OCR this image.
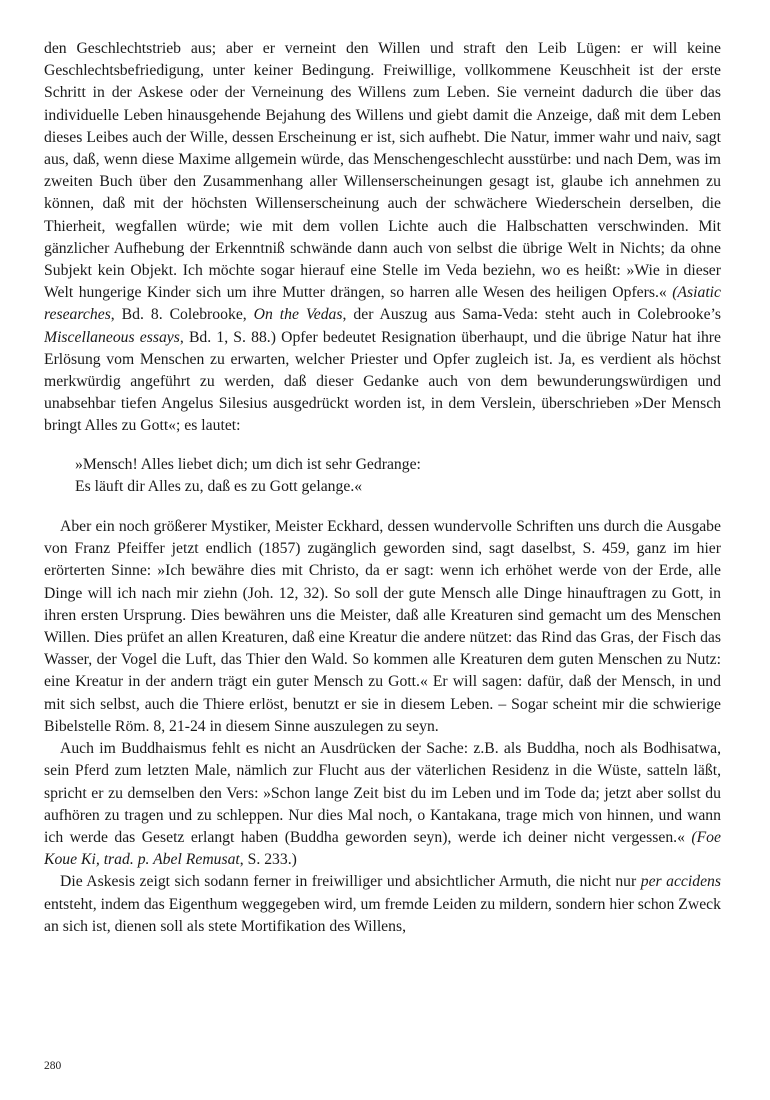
den Geschlechtstrieb aus; aber er verneint den Willen und straft den Leib Lügen: er will keine Geschlechtsbefriedigung, unter keiner Bedingung. Freiwillige, vollkommene Keuschheit ist der erste Schritt in der Askese oder der Verneinung des Willens zum Leben. Sie verneint dadurch die über das individuelle Leben hinausgehende Bejahung des Willens und giebt damit die Anzeige, daß mit dem Leben dieses Leibes auch der Wille, dessen Erscheinung er ist, sich aufhebt. Die Natur, immer wahr und naiv, sagt aus, daß, wenn diese Maxime allgemein würde, das Menschengeschlecht ausstürbe: und nach Dem, was im zweiten Buch über den Zusammenhang aller Willenserscheinungen gesagt ist, glaube ich annehmen zu können, daß mit der höchsten Willenserscheinung auch der schwächere Wiederschein derselben, die Thierheit, wegfallen würde; wie mit dem vollen Lichte auch die Halbschatten verschwinden. Mit gänzlicher Aufhebung der Erkenntniß schwände dann auch von selbst die übrige Welt in Nichts; da ohne Subjekt kein Objekt. Ich möchte sogar hierauf eine Stelle im Veda beziehn, wo es heißt: »Wie in dieser Welt hungerige Kinder sich um ihre Mutter drängen, so harren alle Wesen des heiligen Opfers.« (Asiatic researches, Bd. 8. Colebrooke, On the Vedas, der Auszug aus Sama-Veda: steht auch in Colebrooke’s Miscellaneous essays, Bd. 1, S. 88.) Opfer bedeutet Resignation überhaupt, und die übrige Natur hat ihre Erlösung vom Menschen zu erwarten, welcher Priester und Opfer zugleich ist. Ja, es verdient als höchst merkwürdig angeführt zu werden, daß dieser Gedanke auch von dem bewunderungswürdigen und unabsehbar tiefen Angelus Silesius ausgedrückt worden ist, in dem Verslein, überschrieben »Der Mensch bringt Alles zu Gott«; es lautet:

»Mensch! Alles liebet dich; um dich ist sehr Gedrange:
Es läuft dir Alles zu, daß es zu Gott gelange.«

Aber ein noch größerer Mystiker, Meister Eckhard, dessen wundervolle Schriften uns durch die Ausgabe von Franz Pfeiffer jetzt endlich (1857) zugänglich geworden sind, sagt daselbst, S. 459, ganz im hier erörterten Sinne: »Ich bewähre dies mit Christo, da er sagt: wenn ich erhöhet werde von der Erde, alle Dinge will ich nach mir ziehn (Joh. 12, 32). So soll der gute Mensch alle Dinge hinauftragen zu Gott, in ihren ersten Ursprung. Dies bewähren uns die Meister, daß alle Kreaturen sind gemacht um des Menschen Willen. Dies prüfet an allen Kreaturen, daß eine Kreatur die andere nützet: das Rind das Gras, der Fisch das Wasser, der Vogel die Luft, das Thier den Wald. So kommen alle Kreaturen dem guten Menschen zu Nutz: eine Kreatur in der andern trägt ein guter Mensch zu Gott.« Er will sagen: dafür, daß der Mensch, in und mit sich selbst, auch die Thiere erlöst, benutzt er sie in diesem Leben. – Sogar scheint mir die schwierige Bibelstelle Röm. 8, 21-24 in diesem Sinne auszulegen zu seyn.

Auch im Buddhaismus fehlt es nicht an Ausdrücken der Sache: z.B. als Buddha, noch als Bodhisatwa, sein Pferd zum letzten Male, nämlich zur Flucht aus der väterlichen Residenz in die Wüste, satteln läßt, spricht er zu demselben den Vers: »Schon lange Zeit bist du im Leben und im Tode da; jetzt aber sollst du aufhören zu tragen und zu schleppen. Nur dies Mal noch, o Kantakana, trage mich von hinnen, und wann ich werde das Gesetz erlangt haben (Buddha geworden seyn), werde ich deiner nicht vergessen.« (Foe Koue Ki, trad. p. Abel Remusat, S. 233.)

Die Askesis zeigt sich sodann ferner in freiwilliger und absichtlicher Armuth, die nicht nur per accidens entsteht, indem das Eigenthum weggegeben wird, um fremde Leiden zu mildern, sondern hier schon Zweck an sich ist, dienen soll als stete Mortifikation des Willens,

280
